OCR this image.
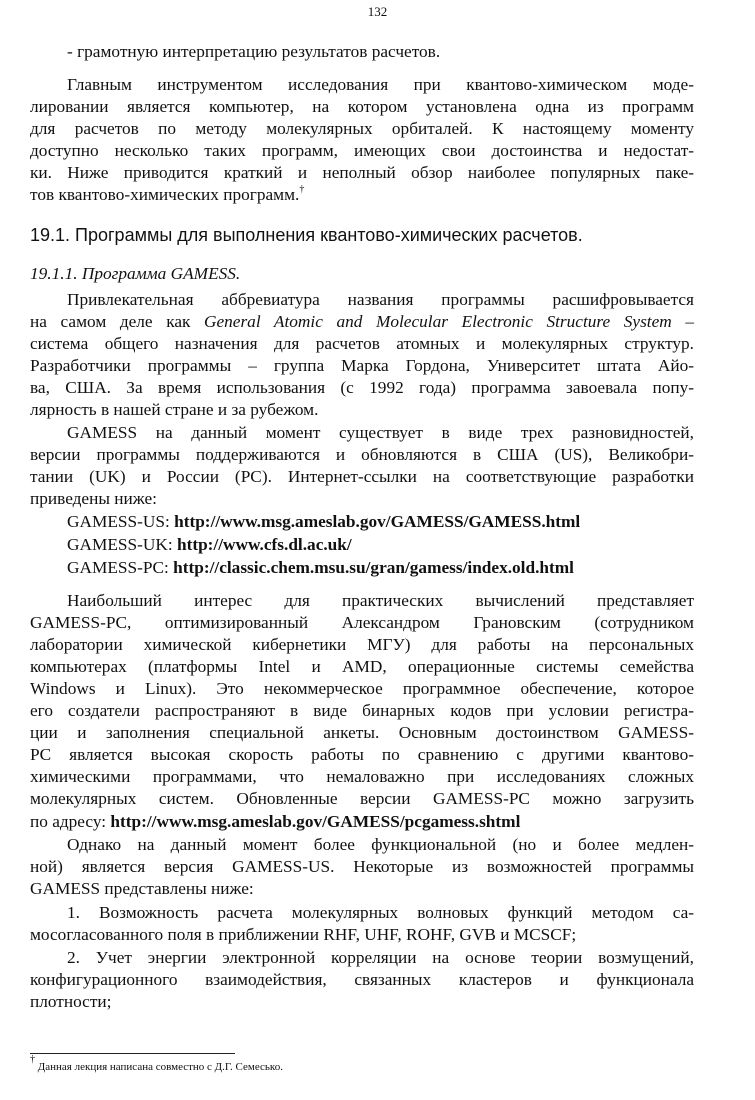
132
- грамотную интерпретацию результатов расчетов.
Главным инструментом исследования при квантово-химическом моде-
лировании является компьютер, на котором установлена одна из программ
для расчетов по методу молекулярных орбиталей. К настоящему моменту
доступно несколько таких программ, имеющих свои достоинства и недостат-
ки. Ниже приводится краткий и неполный обзор наиболее популярных паке-
тов квантово-химических программ.†
19.1. Программы для выполнения квантово-химических расчетов.
19.1.1. Программа GAMESS.
Привлекательная аббревиатура названия программы расшифровывается
на самом деле как General Atomic and Molecular Electronic Structure System –
система общего назначения для расчетов атомных и молекулярных структур.
Разработчики программы – группа Марка Гордона, Университет штата Айо-
ва, США. За время использования (с 1992 года) программа завоевала попу-
лярность в нашей стране и за рубежом.
GAMESS на данный момент существует в виде трех разновидностей,
версии программы поддерживаются и обновляются в США (US), Великобри-
тании (UK) и России (PC). Интернет-ссылки на соответствующие разработки
приведены ниже:
GAMESS-US: http://www.msg.ameslab.gov/GAMESS/GAMESS.html
GAMESS-UK: http://www.cfs.dl.ac.uk/
GAMESS-PC: http://classic.chem.msu.su/gran/gamess/index.old.html
Наибольший интерес для практических вычислений представляет
GAMESS-PC, оптимизированный Александром Грановским (сотрудником
лаборатории химической кибернетики МГУ) для работы на персональных
компьютерах (платформы Intel и AMD, операционные системы семейства
Windows и Linux). Это некоммерческое программное обеспечение, которое
его создатели распространяют в виде бинарных кодов при условии регистра-
ции и заполнения специальной анкеты. Основным достоинством GAMESS-
PC является высокая скорость работы по сравнению с другими квантово-
химическими программами, что немаловажно при исследованиях сложных
молекулярных систем. Обновленные версии GAMESS-PC можно загрузить
по адресу: http://www.msg.ameslab.gov/GAMESS/pcgamess.shtml
Однако на данный момент более функциональной (но и более медлен-
ной) является версия GAMESS-US. Некоторые из возможностей программы
GAMESS представлены ниже:
1. Возможность расчета молекулярных волновых функций методом са-
мосогласованного поля в приближении RHF, UHF, ROHF, GVB и MCSCF;
2. Учет энергии электронной корреляции на основе теории возмущений,
конфигурационного взаимодействия, связанных кластеров и функционала
плотности;
† Данная лекция написана совместно с Д.Г. Семесько.
